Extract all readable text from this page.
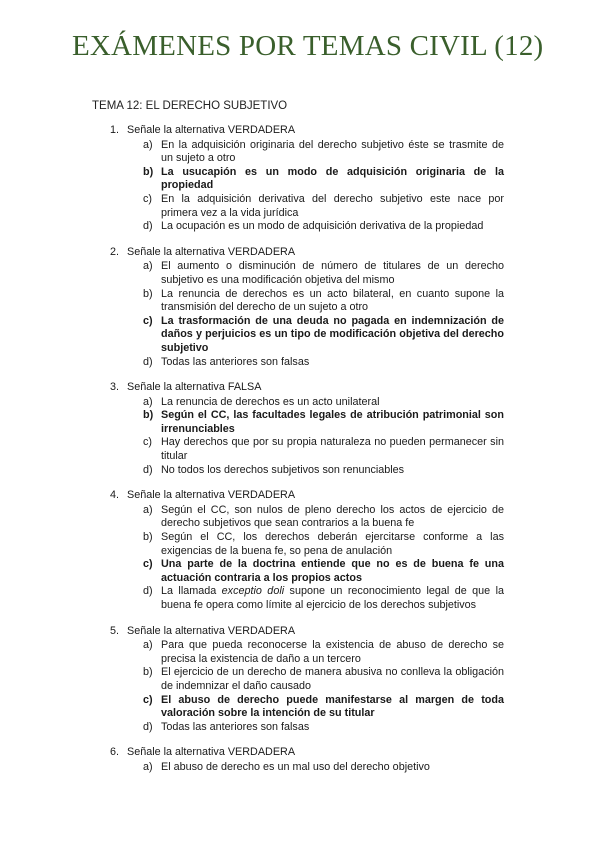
EXÁMENES POR TEMAS CIVIL (12)
TEMA 12: EL DERECHO SUBJETIVO
1. Señale la alternativa VERDADERA
a) En la adquisición originaria del derecho subjetivo éste se trasmite de un sujeto a otro
b) La usucapión es un modo de adquisición originaria de la propiedad
c) En la adquisición derivativa del derecho subjetivo este nace por primera vez a la vida jurídica
d) La ocupación es un modo de adquisición derivativa de la propiedad
2. Señale la alternativa VERDADERA
a) El aumento o disminución de número de titulares de un derecho subjetivo es una modificación objetiva del mismo
b) La renuncia de derechos es un acto bilateral, en cuanto supone la transmisión del derecho de un sujeto a otro
c) La trasformación de una deuda no pagada en indemnización de daños y perjuicios es un tipo de modificación objetiva del derecho subjetivo
d) Todas las anteriores son falsas
3. Señale la alternativa FALSA
a) La renuncia de derechos es un acto unilateral
b) Según el CC, las facultades legales de atribución patrimonial son irrenunciables
c) Hay derechos que por su propia naturaleza no pueden permanecer sin titular
d) No todos los derechos subjetivos son renunciables
4. Señale la alternativa VERDADERA
a) Según el CC, son nulos de pleno derecho los actos de ejercicio de derecho subjetivos que sean contrarios a la buena fe
b) Según el CC, los derechos deberán ejercitarse conforme a las exigencias de la buena fe, so pena de anulación
c) Una parte de la doctrina entiende que no es de buena fe una actuación contraria a los propios actos
d) La llamada exceptio doli supone un reconocimiento legal de que la buena fe opera como límite al ejercicio de los derechos subjetivos
5. Señale la alternativa VERDADERA
a) Para que pueda reconocerse la existencia de abuso de derecho se precisa la existencia de daño a un tercero
b) El ejercicio de un derecho de manera abusiva no conlleva la obligación de indemnizar el daño causado
c) El abuso de derecho puede manifestarse al margen de toda valoración sobre la intención de su titular
d) Todas las anteriores son falsas
6. Señale la alternativa VERDADERA
a) El abuso de derecho es un mal uso del derecho objetivo
